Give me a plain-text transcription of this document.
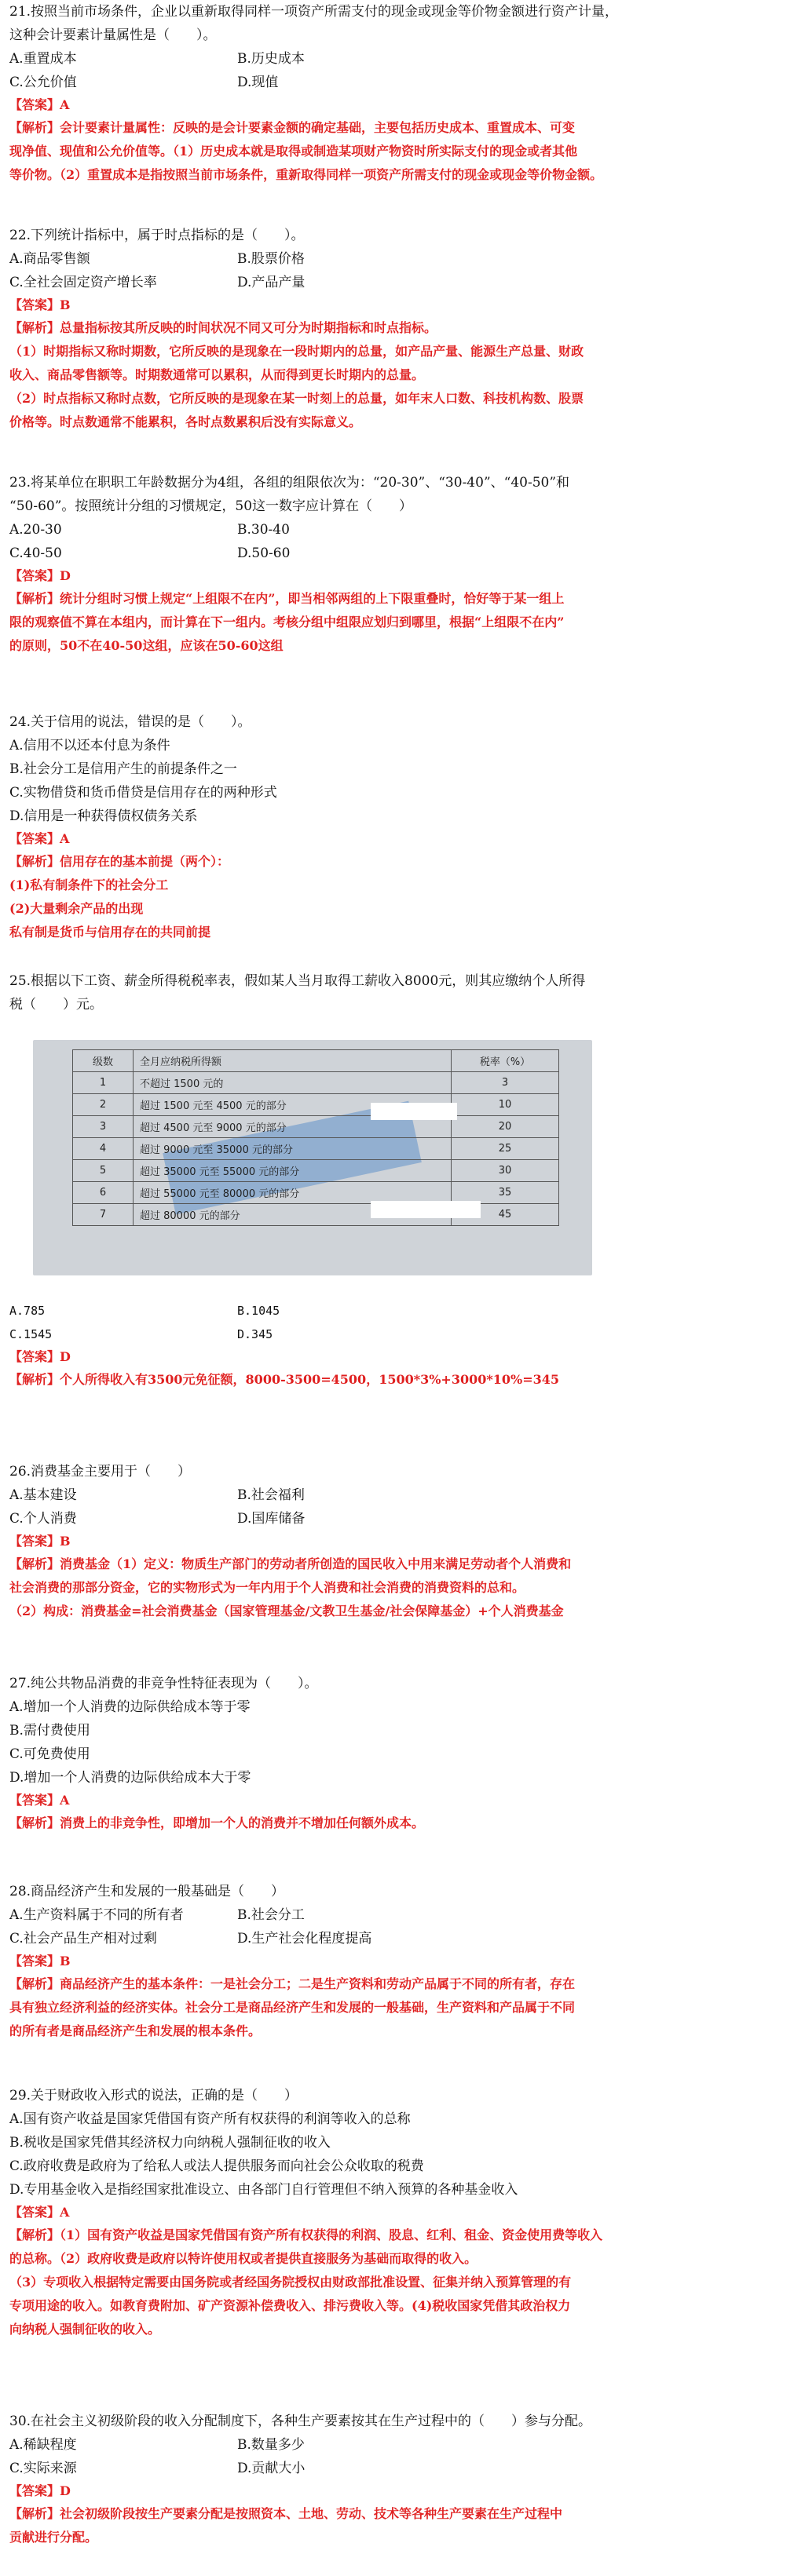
21.按照当前市场条件，企业以重新取得同样一项资产所需支付的现金或现金等价物金额进行资产计量，
这种会计要素计量属性是（　　）。

A.重置成本	B.历史成本
C.公允价值	D.现值
【答案】A

【解析】会计要素计量属性：反映的是会计要素金额的确定基础，主要包括历史成本、重置成本、可变

现净值、现值和公允价值等。（1）历史成本就是取得或制造某项财产物资时所实际支付的现金或者其他

等价物。（2）重置成本是指按照当前市场条件，重新取得同样一项资产所需支付的现金或现金等价物金额。

22.下列统计指标中，属于时点指标的是（　　）。

A.商品零售额	B.股票价格
C.全社会固定资产增长率	D.产品产量
【答案】B

【解析】总量指标按其所反映的时间状况不同又可分为时期指标和时点指标。

（1）时期指标又称时期数，它所反映的是现象在一段时期内的总量，如产品产量、能源生产总量、财政

收入、商品零售额等。时期数通常可以累积，从而得到更长时期内的总量。

（2）时点指标又称时点数，它所反映的是现象在某一时刻上的总量，如年末人口数、科技机构数、股票

价格等。时点数通常不能累积，各时点数累积后没有实际意义。

23.将某单位在职职工年龄数据分为4组，各组的组限依次为：“20-30”、“30-40”、“40-50”和
“50-60”。按照统计分组的习惯规定，50这一数字应计算在（　　）

A.20-30	B.30-40
C.40-50	D.50-60
【答案】D

【解析】统计分组时习惯上规定“上组限不在内”，即当相邻两组的上下限重叠时，恰好等于某一组上

限的观察值不算在本组内，而计算在下一组内。考核分组中组限应划归到哪里，根据“上组限不在内”

的原则，50不在40-50这组，应该在50-60这组

24.关于信用的说法，错误的是（　　）。

A.信用不以还本付息为条件
B.社会分工是信用产生的前提条件之一
C.实物借贷和货币借贷是信用存在的两种形式
D.信用是一种获得债权债务关系
【答案】A

【解析】信用存在的基本前提（两个）：

(1)私有制条件下的社会分工

(2)大量剩余产品的出现

私有制是货币与信用存在的共同前提

25.根据以下工资、薪金所得税税率表，假如某人当月取得工薪收入8000元，则其应缴纳个人所得
税（　　）元。

级数	全月应纳税所得额	税率（%）
1	不超过 1500 元的	3
2	超过 1500 元至 4500 元的部分	10
3	超过 4500 元至 9000 元的部分	20
4	超过 9000 元至 35000 元的部分	25
5	超过 35000 元至 55000 元的部分	30
6	超过 55000 元至 80000 元的部分	35
7	超过 80000 元的部分	45
A.785	B.1045
C.1545	D.345
【答案】D

【解析】个人所得收入有3500元免征额，8000-3500=4500，1500*3%+3000*10%=345

26.消费基金主要用于（　　）

A.基本建设	B.社会福利
C.个人消费	D.国库储备
【答案】B

【解析】消费基金（1）定义：物质生产部门的劳动者所创造的国民收入中用来满足劳动者个人消费和

社会消费的那部分资金，它的实物形式为一年内用于个人消费和社会消费的消费资料的总和。

（2）构成：消费基金=社会消费基金（国家管理基金/文教卫生基金/社会保障基金）+个人消费基金

27.纯公共物品消费的非竞争性特征表现为（　　）。

A.增加一个人消费的边际供给成本等于零
B.需付费使用
C.可免费使用
D.增加一个人消费的边际供给成本大于零
【答案】A

【解析】消费上的非竞争性，即增加一个人的消费并不增加任何额外成本。

28.商品经济产生和发展的一般基础是（　　）

A.生产资料属于不同的所有者	B.社会分工
C.社会产品生产相对过剩	D.生产社会化程度提高
【答案】B

【解析】商品经济产生的基本条件：一是社会分工；二是生产资料和劳动产品属于不同的所有者，存在

具有独立经济利益的经济实体。社会分工是商品经济产生和发展的一般基础，生产资料和产品属于不同

的所有者是商品经济产生和发展的根本条件。

29.关于财政收入形式的说法，正确的是（　　）

A.国有资产收益是国家凭借国有资产所有权获得的利润等收入的总称
B.税收是国家凭借其经济权力向纳税人强制征收的收入
C.政府收费是政府为了给私人或法人提供服务而向社会公众收取的税费
D.专用基金收入是指经国家批准设立、由各部门自行管理但不纳入预算的各种基金收入
【答案】A

【解析】（1）国有资产收益是国家凭借国有资产所有权获得的利润、股息、红利、租金、资金使用费等收入

的总称。（2）政府收费是政府以特许使用权或者提供直接服务为基础而取得的收入。

（3）专项收入根据特定需要由国务院或者经国务院授权由财政部批准设置、征集并纳入预算管理的有

专项用途的收入。如教育费附加、矿产资源补偿费收入、排污费收入等。(4)税收国家凭借其政治权力

向纳税人强制征收的收入。

30.在社会主义初级阶段的收入分配制度下，各种生产要素按其在生产过程中的（　　）参与分配。

A.稀缺程度	B.数量多少
C.实际来源	D.贡献大小
【答案】D

【解析】社会初级阶段按生产要素分配是按照资本、土地、劳动、技术等各种生产要素在生产过程中

贡献进行分配。
